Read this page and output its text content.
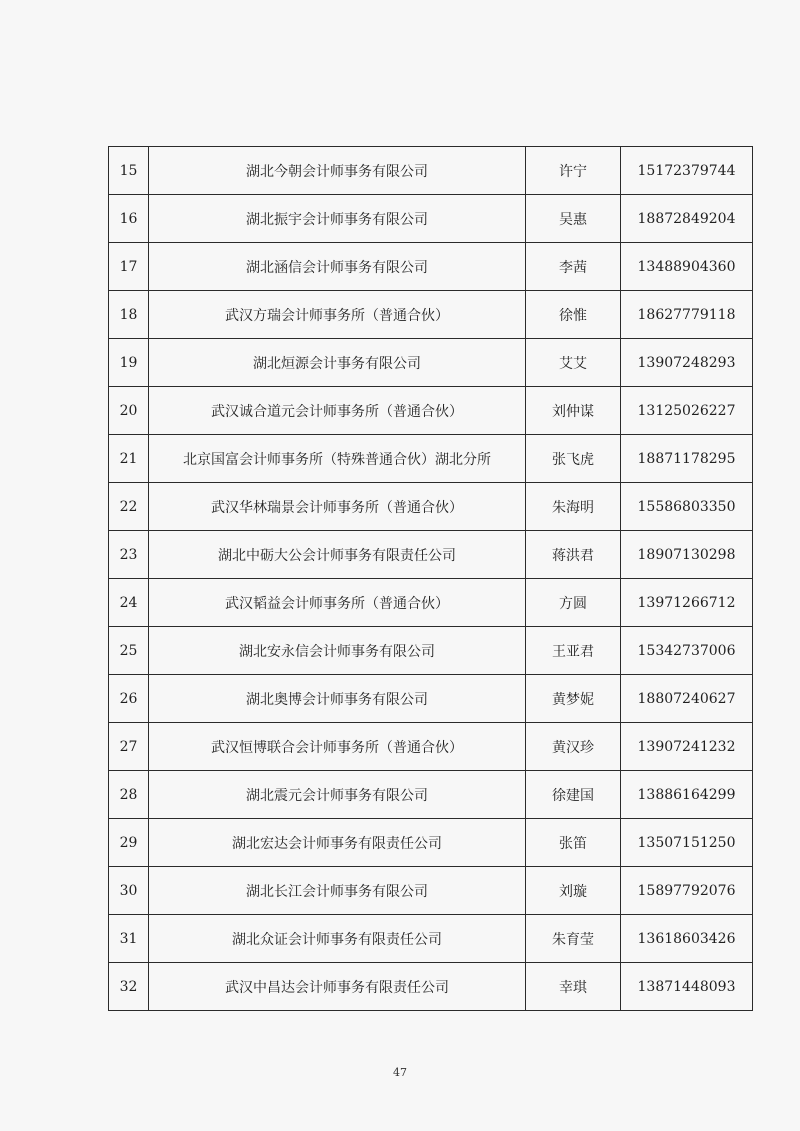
15	湖北今朝会计师事务有限公司	许宁	15172379744
16	湖北振宇会计师事务有限公司	吴惠	18872849204
17	湖北涵信会计师事务有限公司	李茜	13488904360
18	武汉方瑞会计师事务所（普通合伙）	徐惟	18627779118
19	湖北烜源会计事务有限公司	艾艾	13907248293
20	武汉诚合道元会计师事务所（普通合伙）	刘仲谋	13125026227
21	北京国富会计师事务所（特殊普通合伙）湖北分所	张飞虎	18871178295
22	武汉华林瑞景会计师事务所（普通合伙）	朱海明	15586803350
23	湖北中砺大公会计师事务有限责任公司	蒋洪君	18907130298
24	武汉韬益会计师事务所（普通合伙）	方圆	13971266712
25	湖北安永信会计师事务有限公司	王亚君	15342737006
26	湖北奥博会计师事务有限公司	黄梦妮	18807240627
27	武汉恒博联合会计师事务所（普通合伙）	黄汉珍	13907241232
28	湖北震元会计师事务有限公司	徐建国	13886164299
29	湖北宏达会计师事务有限责任公司	张笛	13507151250
30	湖北长江会计师事务有限公司	刘璇	15897792076
31	湖北众证会计师事务有限责任公司	朱育莹	13618603426
32	武汉中昌达会计师事务有限责任公司	幸琪	13871448093
47
